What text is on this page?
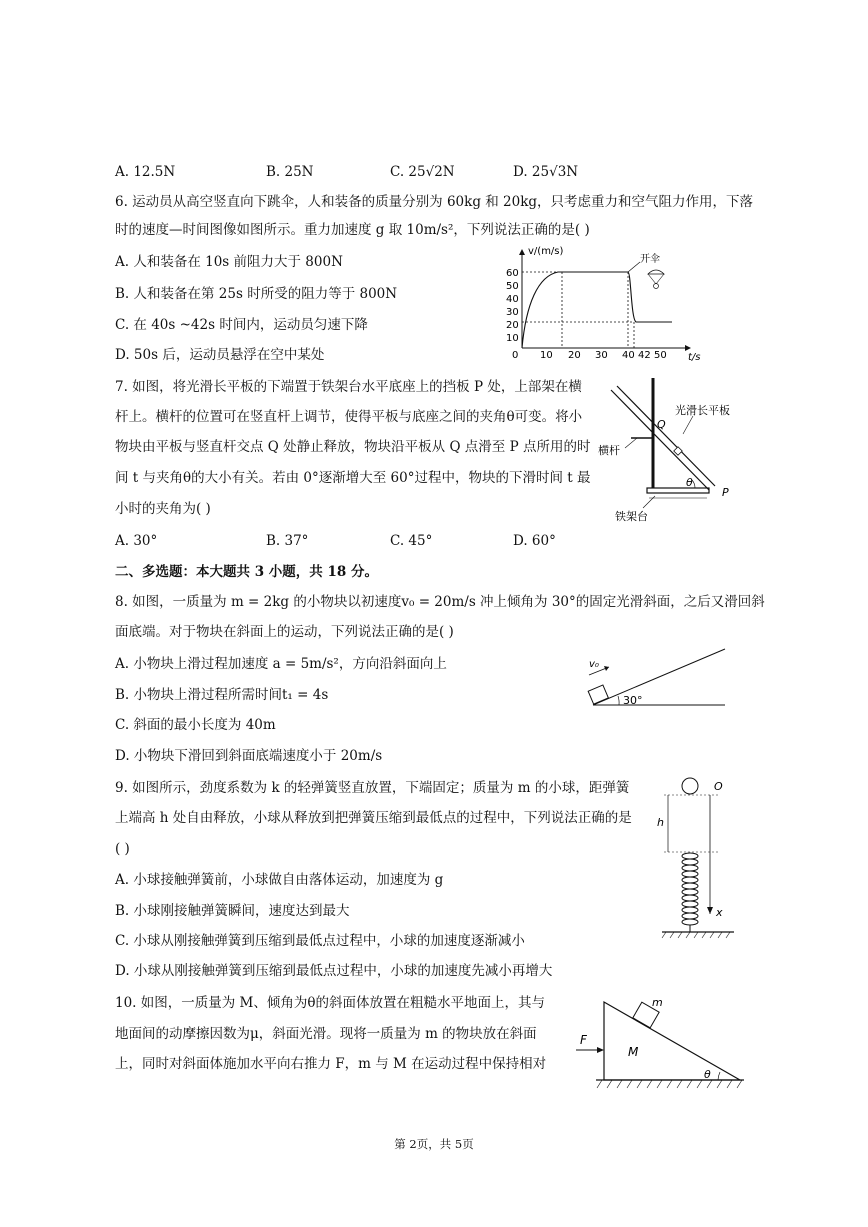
A. 12.5N	B. 25N	C. 25√2N	D. 25√3N
6. 运动员从高空竖直向下跳伞，人和装备的质量分别为 60kg 和 20kg，只考虑重力和空气阻力作用，下落
时的速度—时间图像如图所示。重力加速度 g 取 10m/s²，下列说法正确的是( )
A. 人和装备在 10s 前阻力大于 800N
B. 人和装备在第 25s 时所受的阻力等于 800N
C. 在 40s ~42s 时间内，运动员匀速下降
D. 50s 后，运动员悬浮在空中某处
v/(m/s)
t/s
60
50
40
30
20
10
0 10 20 30 40 42 50
开伞
7. 如图，将光滑长平板的下端置于铁架台水平底座上的挡板 P 处，上部架在横
杆上。横杆的位置可在竖直杆上调节，使得平板与底座之间的夹角θ可变。将小
物块由平板与竖直杆交点 Q 处静止释放，物块沿平板从 Q 点滑至 P 点所用的时
间 t 与夹角θ的大小有关。若由 0°逐渐增大至 60°过程中，物块的下滑时间 t 最
小时的夹角为( )
A. 30°	B. 37°	C. 45°	D. 60°
Q
P
θ
光滑长平板
横杆
铁架台
二、多选题：本大题共 3 小题，共 18 分。
8. 如图，一质量为 m = 2kg 的小物块以初速度v₀ = 20m/s 冲上倾角为 30°的固定光滑斜面，之后又滑回斜
面底端。对于物块在斜面上的运动，下列说法正确的是( )
A. 小物块上滑过程加速度 a = 5m/s²，方向沿斜面向上
B. 小物块上滑过程所需时间t₁ = 4s
C. 斜面的最小长度为 40m
D. 小物块下滑回到斜面底端速度小于 20m/s
v₀
30°
9. 如图所示，劲度系数为 k 的轻弹簧竖直放置，下端固定；质量为 m 的小球，距弹簧
上端高 h 处自由释放，小球从释放到把弹簧压缩到最低点的过程中，下列说法正确的是
( )
A. 小球接触弹簧前，小球做自由落体运动，加速度为 g
B. 小球刚接触弹簧瞬间，速度达到最大
C. 小球从刚接触弹簧到压缩到最低点过程中，小球的加速度逐渐减小
D. 小球从刚接触弹簧到压缩到最低点过程中，小球的加速度先减小再增大
O
h
x
10. 如图，一质量为 M、倾角为θ的斜面体放置在粗糙水平地面上，其与
地面间的动摩擦因数为μ，斜面光滑。现将一质量为 m 的物块放在斜面
上，同时对斜面体施加水平向右推力 F，m 与 M 在运动过程中保持相对
m
M
F
θ
第 2页，共 5页
